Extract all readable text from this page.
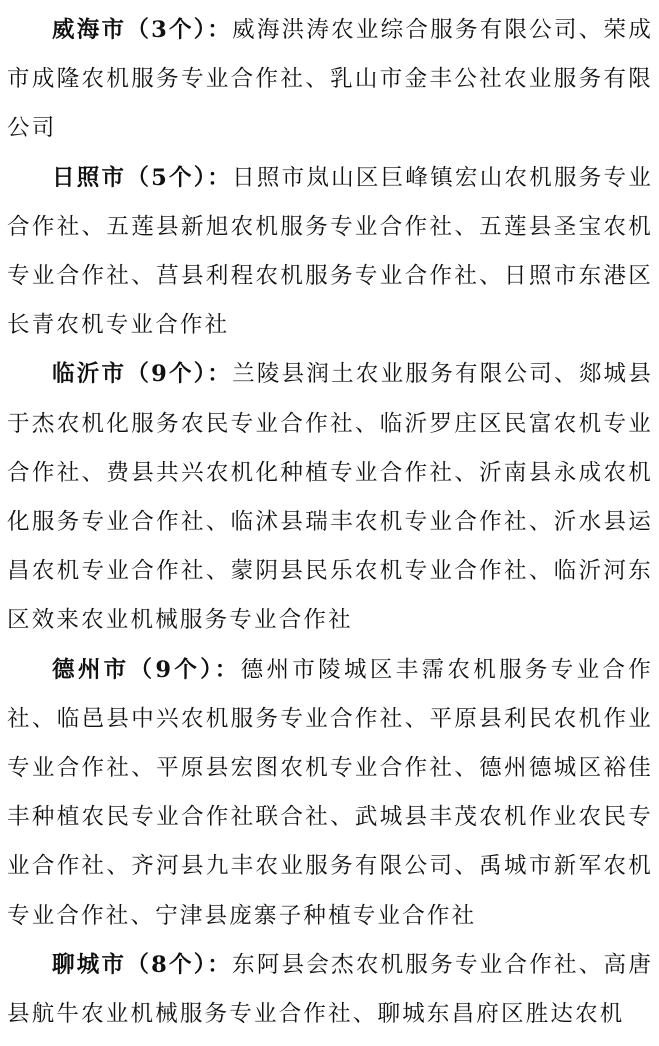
威海市（3个）：威海洪涛农业综合服务有限公司、荣成市成隆农机服务专业合作社、乳山市金丰公社农业服务有限公司

日照市（5个）：日照市岚山区巨峰镇宏山农机服务专业合作社、五莲县新旭农机服务专业合作社、五莲县圣宝农机专业合作社、莒县利程农机服务专业合作社、日照市东港区长青农机专业合作社

临沂市（9个）：兰陵县润土农业服务有限公司、郯城县于杰农机化服务农民专业合作社、临沂罗庄区民富农机专业合作社、费县共兴农机化种植专业合作社、沂南县永成农机化服务专业合作社、临沭县瑞丰农机专业合作社、沂水县运昌农机专业合作社、蒙阴县民乐农机专业合作社、临沂河东区效来农业机械服务专业合作社

德州市（9个）：德州市陵城区丰霈农机服务专业合作社、临邑县中兴农机服务专业合作社、平原县利民农机作业专业合作社、平原县宏图农机专业合作社、德州德城区裕佳丰种植农民专业合作社联合社、武城县丰茂农机作业农民专业合作社、齐河县九丰农业服务有限公司、禹城市新军农机专业合作社、宁津县庞寨子种植专业合作社

聊城市（8个）：东阿县会杰农机服务专业合作社、高唐县航牛农业机械服务专业合作社、聊城东昌府区胜达农机
